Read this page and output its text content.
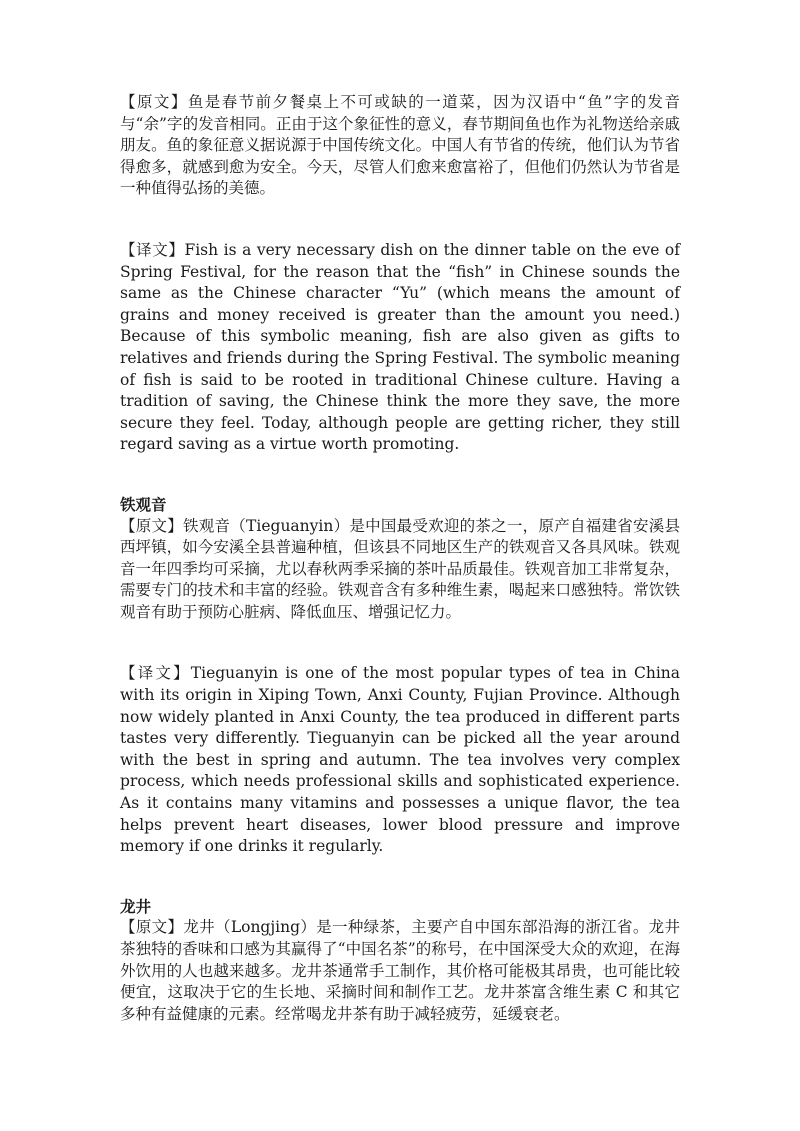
【原文】鱼是春节前夕餐桌上不可或缺的一道菜，因为汉语中“鱼”字的发音与“余”字的发音相同。正由于这个象征性的意义，春节期间鱼也作为礼物送给亲戚朋友。鱼的象征意义据说源于中国传统文化。中国人有节省的传统，他们认为节省得愈多，就感到愈为安全。今天，尽管人们愈来愈富裕了，但他们仍然认为节省是一种值得弘扬的美德。

【译文】Fish is a very necessary dish on the dinner table on the eve of Spring Festival, for the reason that the “fish” in Chinese sounds the same as the Chinese character “Yu” (which means the amount of grains and money received is greater than the amount you need.) Because of this symbolic meaning, fish are also given as gifts to relatives and friends during the Spring Festival. The symbolic meaning of fish is said to be rooted in traditional Chinese culture. Having a tradition of saving, the Chinese think the more they save, the more secure they feel. Today, although people are getting richer, they still regard saving as a virtue worth promoting.

铁观音

【原文】铁观音（Tieguanyin）是中国最受欢迎的茶之一，原产自福建省安溪县西坪镇，如今安溪全县普遍种植，但该县不同地区生产的铁观音又各具风味。铁观音一年四季均可采摘，尤以春秋两季采摘的茶叶品质最佳。铁观音加工非常复杂，需要专门的技术和丰富的经验。铁观音含有多种维生素，喝起来口感独特。常饮铁观音有助于预防心脏病、降低血压、增强记忆力。

【译文】Tieguanyin is one of the most popular types of tea in China with its origin in Xiping Town, Anxi County, Fujian Province. Although now widely planted in Anxi County, the tea produced in different parts tastes very differently. Tieguanyin can be picked all the year around with the best in spring and autumn. The tea involves very complex process, which needs professional skills and sophisticated experience. As it contains many vitamins and possesses a unique flavor, the tea helps prevent heart diseases, lower blood pressure and improve memory if one drinks it regularly.

龙井

【原文】龙井（Longjing）是一种绿茶，主要产自中国东部沿海的浙江省。龙井茶独特的香味和口感为其赢得了“中国名茶”的称号，在中国深受大众的欢迎，在海外饮用的人也越来越多。龙井茶通常手工制作，其价格可能极其昂贵，也可能比较便宜，这取决于它的生长地、采摘时间和制作工艺。龙井茶富含维生素 C 和其它多种有益健康的元素。经常喝龙井茶有助于减轻疲劳，延缓衰老。
